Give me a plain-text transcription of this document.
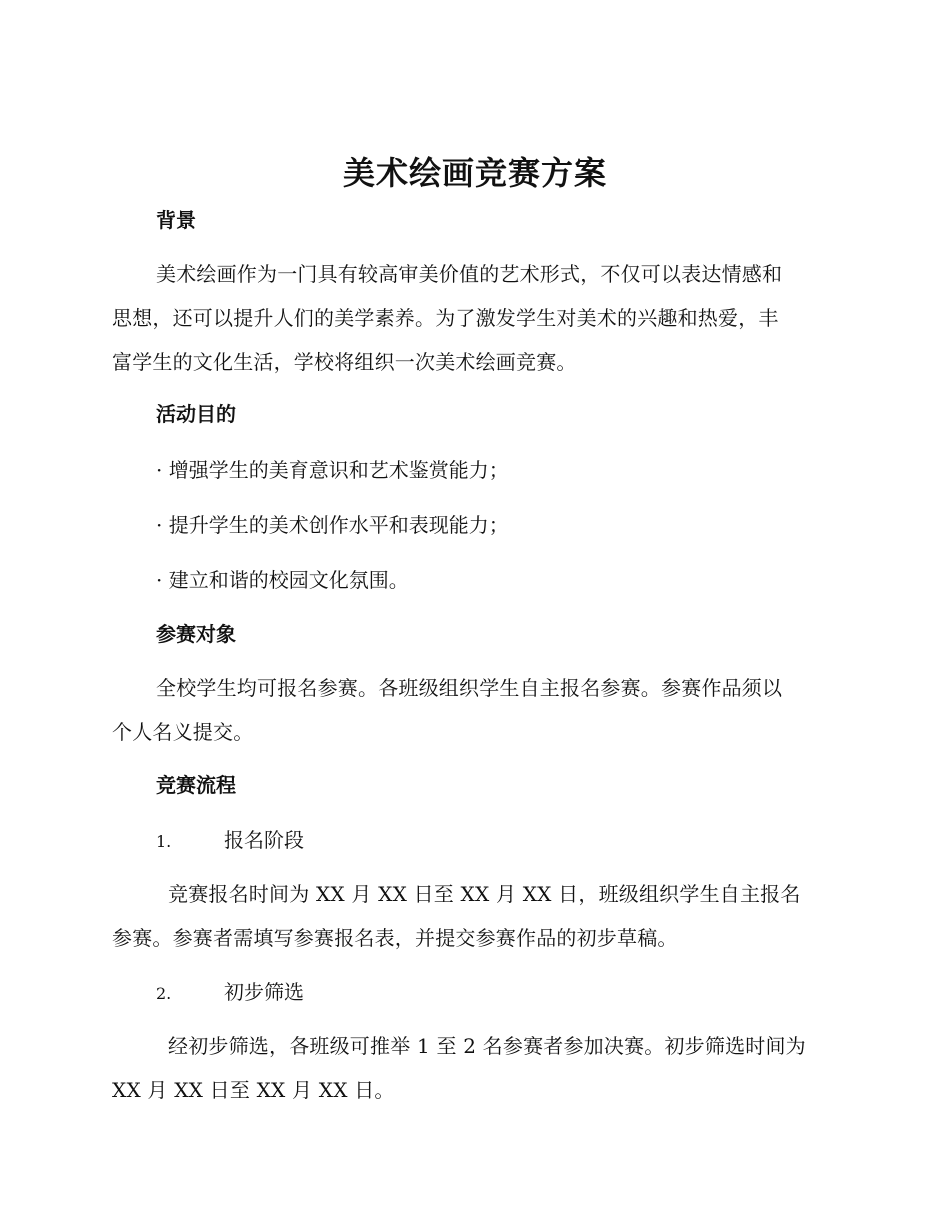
美术绘画竞赛方案
背景
美术绘画作为一门具有较高审美价值的艺术形式，不仅可以表达情感和
思想，还可以提升人们的美学素养。为了激发学生对美术的兴趣和热爱，丰
富学生的文化生活，学校将组织一次美术绘画竞赛。
活动目的
· 增强学生的美育意识和艺术鉴赏能力；
· 提升学生的美术创作水平和表现能力；
· 建立和谐的校园文化氛围。
参赛对象
全校学生均可报名参赛。各班级组织学生自主报名参赛。参赛作品须以
个人名义提交。
竞赛流程
1.	报名阶段
竞赛报名时间为 XX 月 XX 日至 XX 月 XX 日，班级组织学生自主报名
参赛。参赛者需填写参赛报名表，并提交参赛作品的初步草稿。
2.	初步筛选
经初步筛选，各班级可推举 1 至 2 名参赛者参加决赛。初步筛选时间为
XX 月 XX 日至 XX 月 XX 日。
